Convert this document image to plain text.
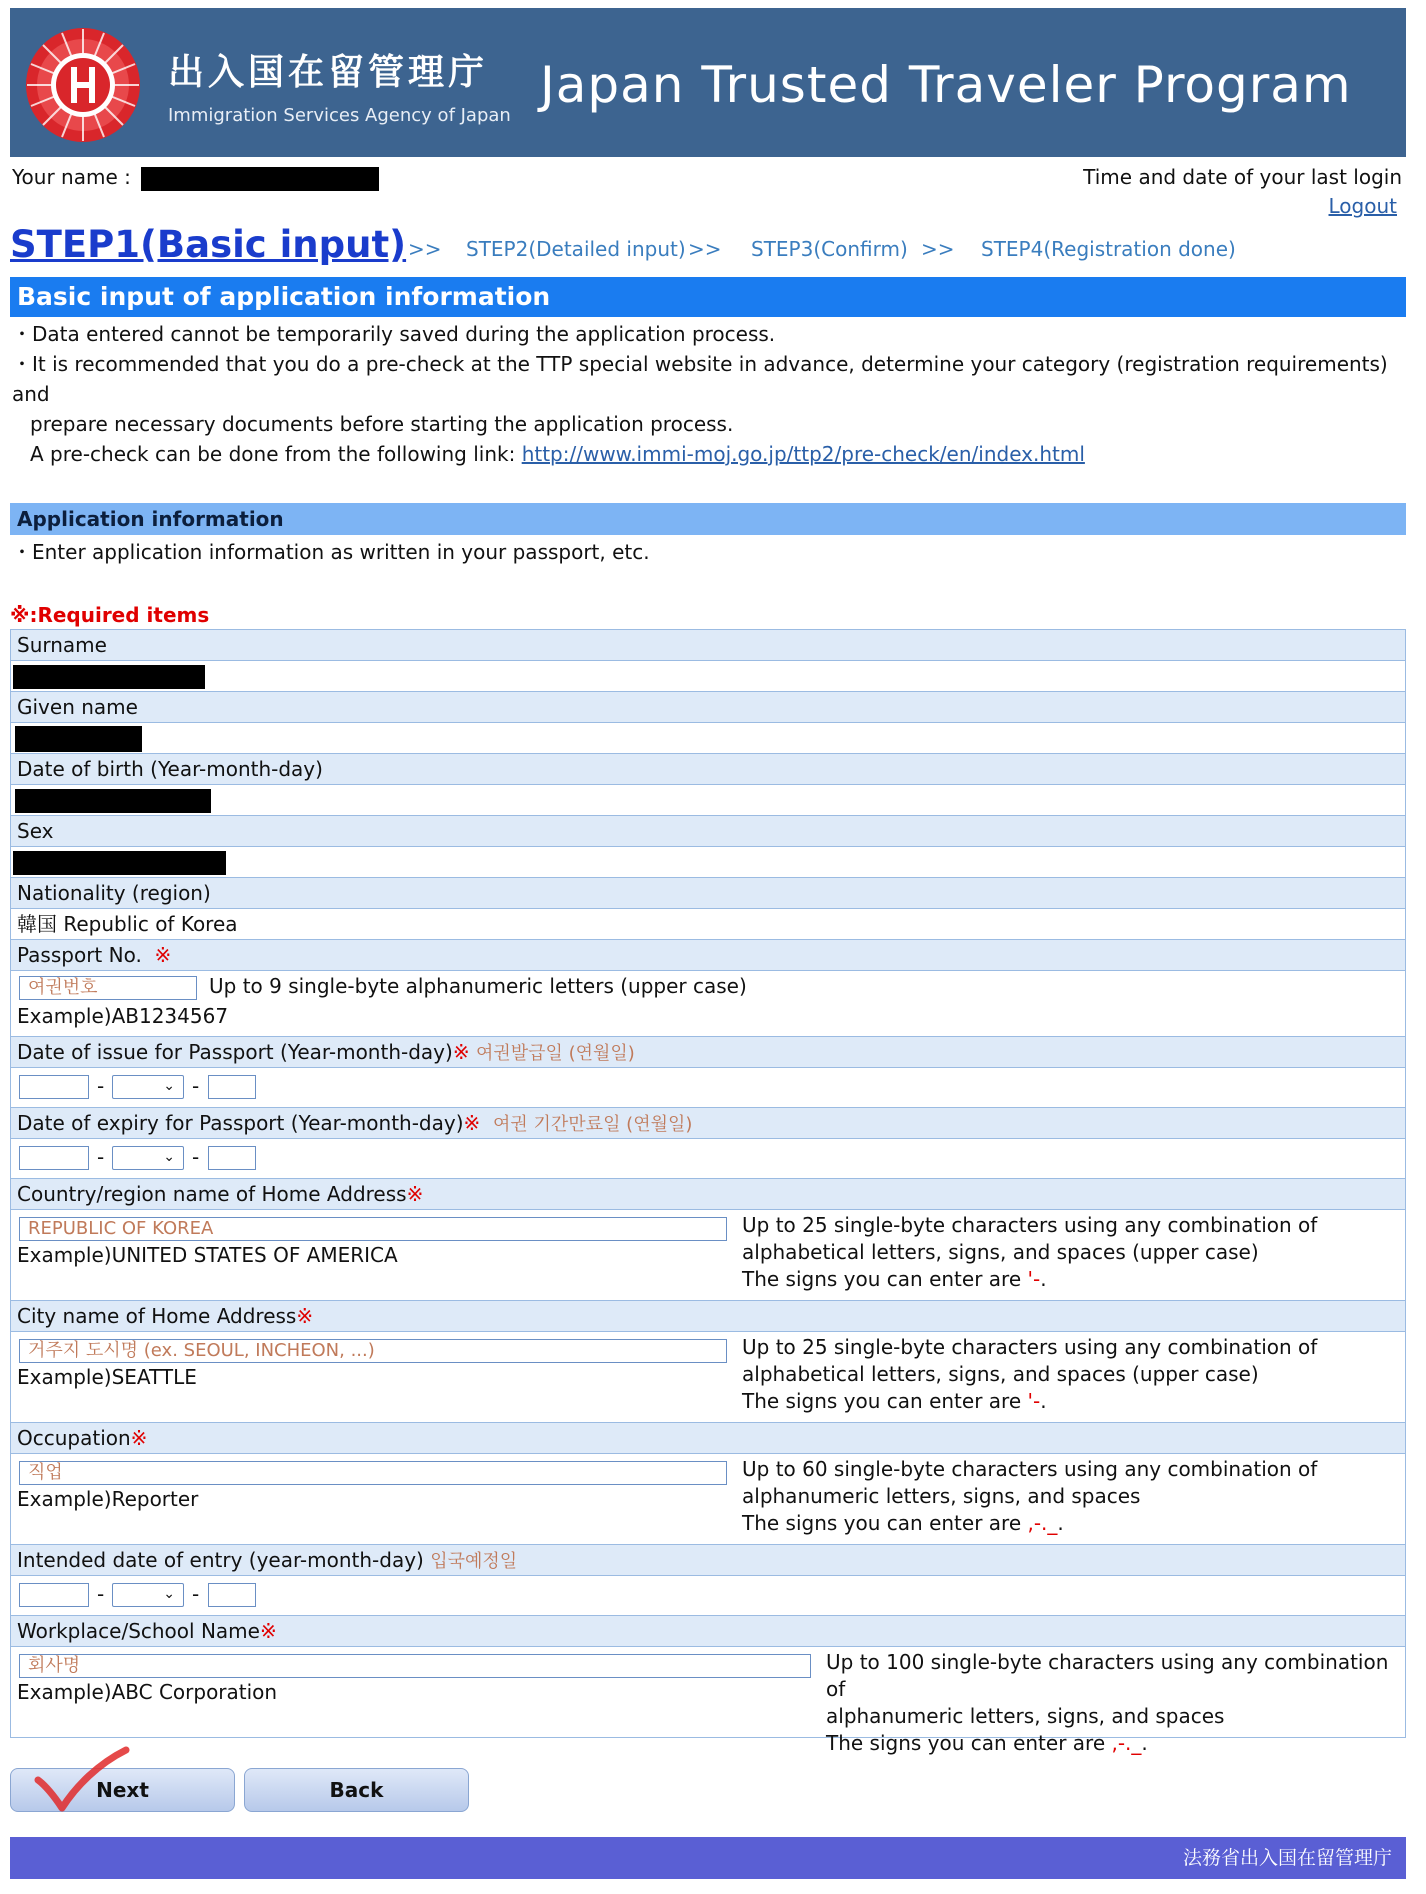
出入国在留管理庁
Immigration Services Agency of Japan
Japan Trusted Traveler Program
Your name :	Time and date of your last login
Logout
STEP1(Basic input) >> STEP2(Detailed input) >> STEP3(Confirm) >> STEP4(Registration done)
Basic input of application information
・Data entered cannot be temporarily saved during the application process.
・It is recommended that you do a pre-check at the TTP special website in advance, determine your category (registration requirements) and
prepare necessary documents before starting the application process.
A pre-check can be done from the following link: http://www.immi-moj.go.jp/ttp2/pre-check/en/index.html
Application information
・Enter application information as written in your passport, etc.
※:Required items
Surname
Given name
Date of birth (Year-month-day)
Sex
Nationality (region)
韓国 Republic of Korea
Passport No. ※
여권번호	Up to 9 single-byte alphanumeric letters (upper case)
Example)AB1234567
Date of issue for Passport (Year-month-day)※ 여권발급일 (연월일)
-	⌄ -
Date of expiry for Passport (Year-month-day)※ 여권 기간만료일 (연월일)
-	⌄ -
Country/region name of Home Address※
REPUBLIC OF KOREA
Example)UNITED STATES OF AMERICA
Up to 25 single-byte characters using any combination of
alphabetical letters, signs, and spaces (upper case)
The signs you can enter are '-.
City name of Home Address※
거주지 도시명 (ex. SEOUL, INCHEON, ...)
Example)SEATTLE
Up to 25 single-byte characters using any combination of
alphabetical letters, signs, and spaces (upper case)
The signs you can enter are '-.
Occupation※
직업
Example)Reporter
Up to 60 single-byte characters using any combination of
alphanumeric letters, signs, and spaces
The signs you can enter are ,-._.
Intended date of entry (year-month-day) 입국예정일
-	⌄ -
Workplace/School Name※
회사명
Example)ABC Corporation
Up to 100 single-byte characters using any combination of
alphanumeric letters, signs, and spaces
The signs you can enter are ,-._.
Next	Back
法務省出入国在留管理庁
